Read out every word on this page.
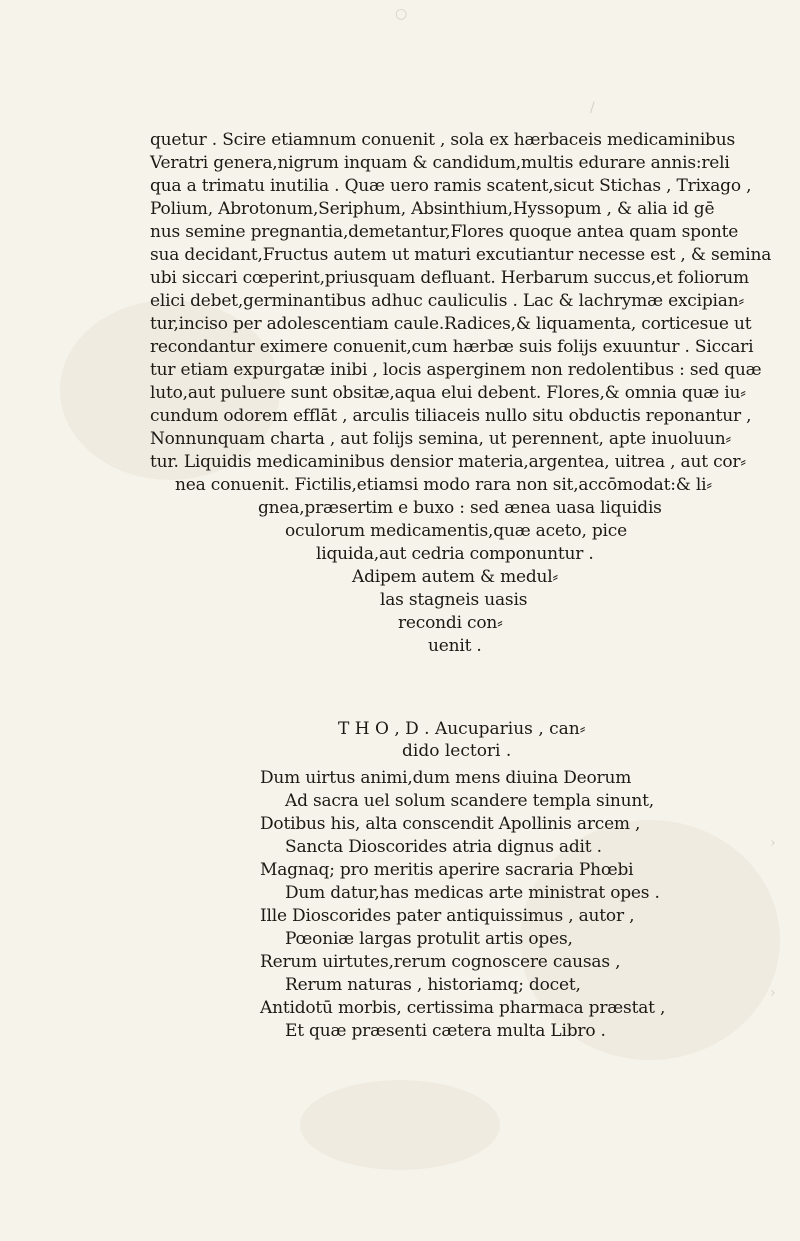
○
/
›
›
quetur . Scire etiamnum conuenit , sola ex hærbaceis medicaminibus
Veratri genera,nigrum inquam & candidum,multis edurare annis:reli
qua a trimatu inutilia . Quæ uero ramis scatent,sicut Stichas , Trixago ,
Polium, Abrotonum,Seriphum, Absinthium,Hyssopum , & alia id gē
nus semine pregnantia,demetantur,Flores quoque antea quam sponte
sua decidant,Fructus autem ut maturi excutiantur necesse est , & semina
ubi siccari cœperint,priusquam defluant. Herbarum succus,et foliorum
elici debet,germinantibus adhuc cauliculis . Lac & lachrymæ excipian⸗
tur,inciso per adolescentiam caule.Radices,& liquamenta, corticesue ut
recondantur eximere conuenit,cum hærbæ suis folijs exuuntur . Siccari
tur etiam expurgatæ inibi , locis asperginem non redolentibus : sed quæ
luto,aut puluere sunt obsitæ,aqua elui debent. Flores,& omnia quæ iu⸗
cundum odorem efflāt , arculis tiliaceis nullo situ obductis reponantur ,
Nonnunquam charta , aut folijs semina, ut perennent, apte inuoluun⸗
tur. Liquidis medicaminibus densior materia,argentea, uitrea , aut cor⸗
nea conuenit. Fictilis,etiamsi modo rara non sit,accōmodat:& li⸗
gnea,præsertim e buxo : sed ænea uasa liquidis
oculorum medicamentis,quæ aceto, pice
liquida,aut cedria componuntur .
Adipem autem & medul⸗
las stagneis uasis
recondi con⸗
uenit .
T H O , D . Aucuparius , can⸗
dido lectori .
Dum uirtus animi,dum mens diuina Deorum
Ad sacra uel solum scandere templa sinunt,
Dotibus his, alta conscendit Apollinis arcem ,
Sancta Dioscorides atria dignus adit .
Magnaq; pro meritis aperire sacraria Phœbi
Dum datur,has medicas arte ministrat opes .
Ille Dioscorides pater antiquissimus , autor ,
Pœoniæ largas protulit artis opes,
Rerum uirtutes,rerum cognoscere causas ,
Rerum naturas , historiamq; docet,
Antidotū morbis, certissima pharmaca præstat ,
Et quæ præsenti cætera multa Libro .
